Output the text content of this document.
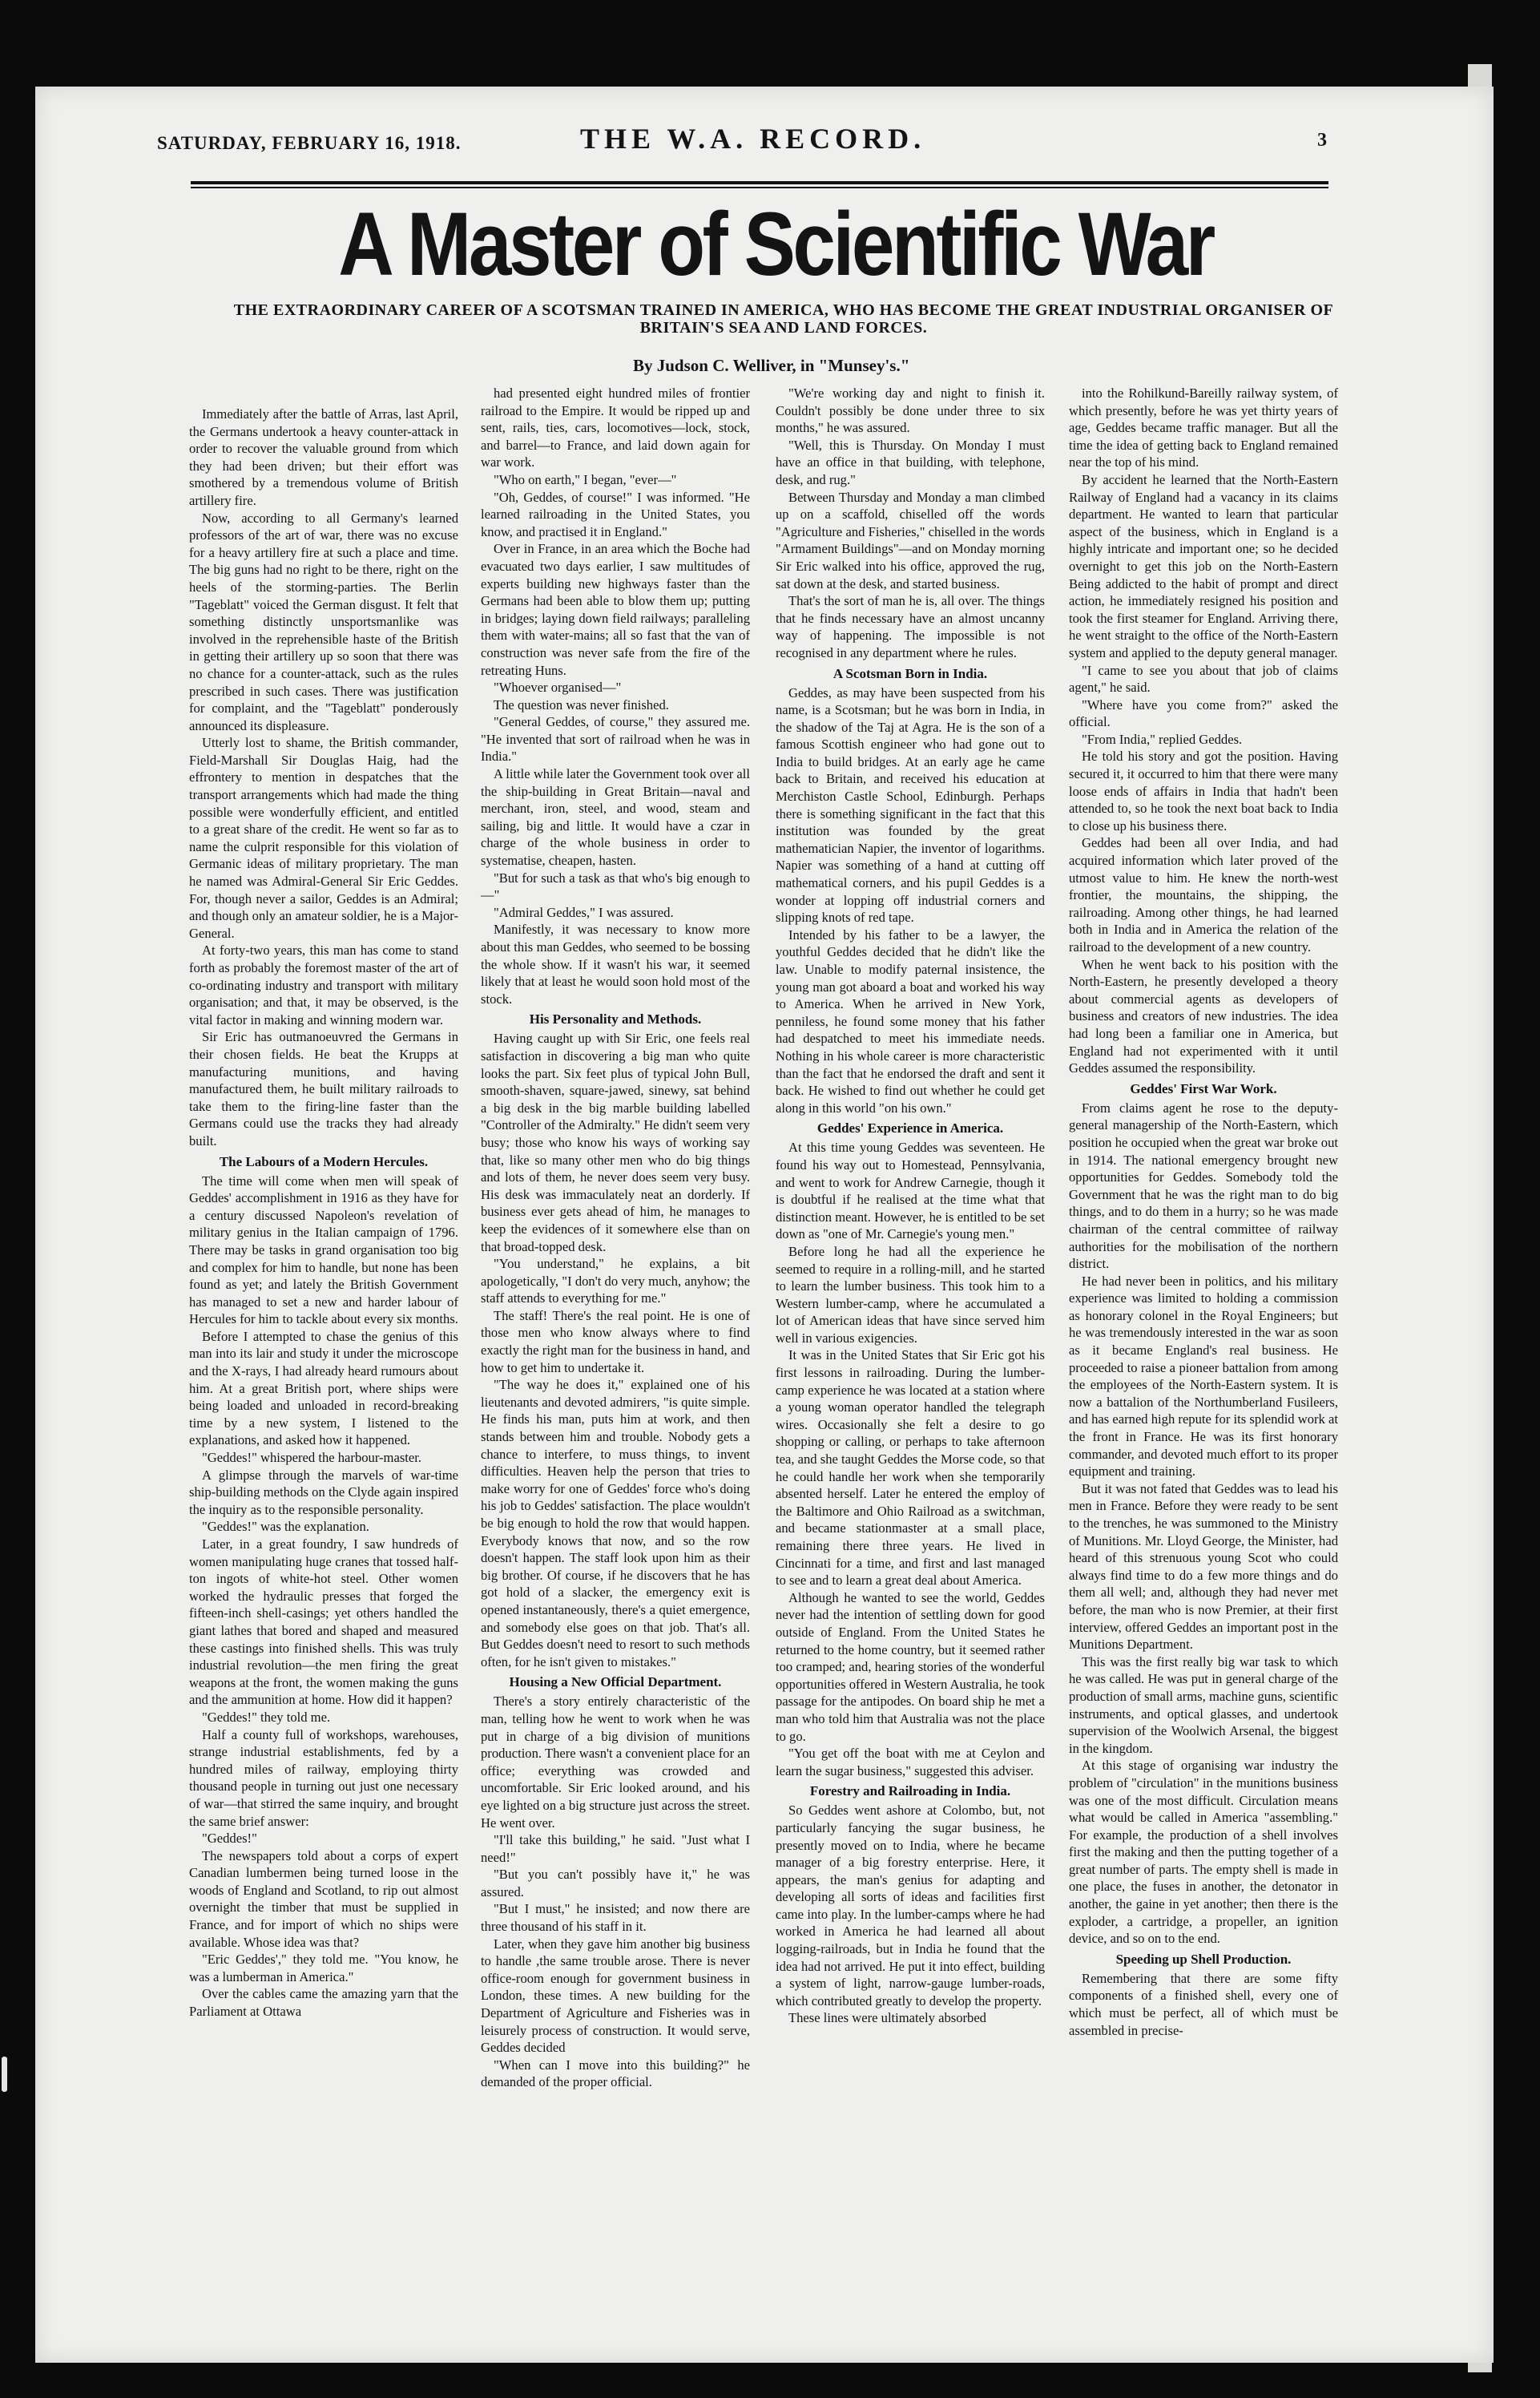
SATURDAY, FEBRUARY 16, 1918.	THE W.A. RECORD.	3
A Master of Scientific War
THE EXTRAORDINARY CAREER OF A SCOTSMAN TRAINED IN AMERICA, WHO HAS BECOME THE GREAT INDUSTRIAL ORGANISER OF BRITAIN'S SEA AND LAND FORCES.
By Judson C. Welliver, in "Munsey's."

Immediately after the battle of Arras, last April, the Germans undertook a heavy counter-attack in order to recover the valuable ground from which they had been driven; but their effort was smothered by a tremendous volume of British artillery fire.

Now, according to all Germany's learned professors of the art of war, there was no excuse for a heavy artillery fire at such a place and time. The big guns had no right to be there, right on the heels of the storming-parties. The Berlin "Tageblatt" voiced the German disgust. It felt that something distinctly unsportsmanlike was involved in the reprehensible haste of the British in getting their artillery up so soon that there was no chance for a counter-attack, such as the rules prescribed in such cases. There was justification for complaint, and the "Tageblatt" ponderously announced its displeasure.

Utterly lost to shame, the British commander, Field-Marshall Sir Douglas Haig, had the effrontery to mention in despatches that the transport arrangements which had made the thing possible were wonderfully efficient, and entitled to a great share of the credit. He went so far as to name the culprit responsible for this violation of Germanic ideas of military proprietary. The man he named was Admiral-General Sir Eric Geddes. For, though never a sailor, Geddes is an Admiral; and though only an amateur soldier, he is a Major-General.

At forty-two years, this man has come to stand forth as probably the foremost master of the art of co-ordinating industry and transport with military organisation; and that, it may be observed, is the vital factor in making and winning modern war.

Sir Eric has outmanoeuvred the Germans in their chosen fields. He beat the Krupps at manufacturing munitions, and having manufactured them, he built military railroads to take them to the firing-line faster than the Germans could use the tracks they had already built.

The Labours of a Modern Hercules.

The time will come when men will speak of Geddes' accomplishment in 1916 as they have for a century discussed Napoleon's revelation of military genius in the Italian campaign of 1796. There may be tasks in grand organisation too big and complex for him to handle, but none has been found as yet; and lately the British Government has managed to set a new and harder labour of Hercules for him to tackle about every six months.

Before I attempted to chase the genius of this man into its lair and study it under the microscope and the X-rays, I had already heard rumours about him. At a great British port, where ships were being loaded and unloaded in record-breaking time by a new system, I listened to the explanations, and asked how it happened.

"Geddes!" whispered the harbour-master.

A glimpse through the marvels of war-time ship-building methods on the Clyde again inspired the inquiry as to the responsible personality.

"Geddes!" was the explanation.

Later, in a great foundry, I saw hundreds of women manipulating huge cranes that tossed half-ton ingots of white-hot steel. Other women worked the hydraulic presses that forged the fifteen-inch shell-casings; yet others handled the giant lathes that bored and shaped and measured these castings into finished shells. This was truly industrial revolution—the men firing the great weapons at the front, the women making the guns and the ammunition at home. How did it happen?

"Geddes!" they told me.

Half a county full of workshops, warehouses, strange industrial establishments, fed by a hundred miles of railway, employing thirty thousand people in turning out just one necessary of war—that stirred the same inquiry, and brought the same brief answer:

"Geddes!"

The newspapers told about a corps of expert Canadian lumbermen being turned loose in the woods of England and Scotland, to rip out almost overnight the timber that must be supplied in France, and for import of which no ships were available. Whose idea was that?

"Eric Geddes'," they told me. "You know, he was a lumberman in America."

Over the cables came the amazing yarn that the Parliament at Ottawa

had presented eight hundred miles of frontier railroad to the Empire. It would be ripped up and sent, rails, ties, cars, locomotives—lock, stock, and barrel—to France, and laid down again for war work.

"Who on earth," I began, "ever—"

"Oh, Geddes, of course!" I was informed. "He learned railroading in the United States, you know, and practised it in England."

Over in France, in an area which the Boche had evacuated two days earlier, I saw multitudes of experts building new highways faster than the Germans had been able to blow them up; putting in bridges; laying down field railways; paralleling them with water-mains; all so fast that the van of construction was never safe from the fire of the retreating Huns.

"Whoever organised—"

The question was never finished.

"General Geddes, of course," they assured me. "He invented that sort of railroad when he was in India."

A little while later the Government took over all the ship-building in Great Britain—naval and merchant, iron, steel, and wood, steam and sailing, big and little. It would have a czar in charge of the whole business in order to systematise, cheapen, hasten.

"But for such a task as that who's big enough to—"

"Admiral Geddes," I was assured.

Manifestly, it was necessary to know more about this man Geddes, who seemed to be bossing the whole show. If it wasn't his war, it seemed likely that at least he would soon hold most of the stock.

His Personality and Methods.

Having caught up with Sir Eric, one feels real satisfaction in discovering a big man who quite looks the part. Six feet plus of typical John Bull, smooth-shaven, square-jawed, sinewy, sat behind a big desk in the big marble building labelled "Controller of the Admiralty." He didn't seem very busy; those who know his ways of working say that, like so many other men who do big things and lots of them, he never does seem very busy. His desk was immaculately neat an dorderly. If business ever gets ahead of him, he manages to keep the evidences of it somewhere else than on that broad-topped desk.

"You understand," he explains, a bit apologetically, "I don't do very much, anyhow; the staff attends to everything for me."

The staff! There's the real point. He is one of those men who know always where to find exactly the right man for the business in hand, and how to get him to undertake it.

"The way he does it," explained one of his lieutenants and devoted admirers, "is quite simple. He finds his man, puts him at work, and then stands between him and trouble. Nobody gets a chance to interfere, to muss things, to invent difficulties. Heaven help the person that tries to make worry for one of Geddes' force who's doing his job to Geddes' satisfaction. The place wouldn't be big enough to hold the row that would happen. Everybody knows that now, and so the row doesn't happen. The staff look upon him as their big brother. Of course, if he discovers that he has got hold of a slacker, the emergency exit is opened instantaneously, there's a quiet emergence, and somebody else goes on that job. That's all. But Geddes doesn't need to resort to such methods often, for he isn't given to mistakes."

Housing a New Official Department.

There's a story entirely characteristic of the man, telling how he went to work when he was put in charge of a big division of munitions production. There wasn't a convenient place for an office; everything was crowded and uncomfortable. Sir Eric looked around, and his eye lighted on a big structure just across the street. He went over.

"I'll take this building," he said. "Just what I need!"

"But you can't possibly have it," he was assured.

"But I must," he insisted; and now there are three thousand of his staff in it.

Later, when they gave him another big business to handle ,the same trouble arose. There is never office-room enough for government business in London, these times. A new building for the Department of Agriculture and Fisheries was in leisurely process of construction. It would serve, Geddes decided

"When can I move into this building?" he demanded of the proper official.

"We're working day and night to finish it. Couldn't possibly be done under three to six months," he was assured.

"Well, this is Thursday. On Monday I must have an office in that building, with telephone, desk, and rug."

Between Thursday and Monday a man climbed up on a scaffold, chiselled off the words "Agriculture and Fisheries," chiselled in the words "Armament Buildings"—and on Monday morning Sir Eric walked into his office, approved the rug, sat down at the desk, and started business.

That's the sort of man he is, all over. The things that he finds necessary have an almost uncanny way of happening. The impossible is not recognised in any department where he rules.

A Scotsman Born in India.

Geddes, as may have been suspected from his name, is a Scotsman; but he was born in India, in the shadow of the Taj at Agra. He is the son of a famous Scottish engineer who had gone out to India to build bridges. At an early age he came back to Britain, and received his education at Merchiston Castle School, Edinburgh. Perhaps there is something significant in the fact that this institution was founded by the great mathematician Napier, the inventor of logarithms. Napier was something of a hand at cutting off mathematical corners, and his pupil Geddes is a wonder at lopping off industrial corners and slipping knots of red tape.

Intended by his father to be a lawyer, the youthful Geddes decided that he didn't like the law. Unable to modify paternal insistence, the young man got aboard a boat and worked his way to America. When he arrived in New York, penniless, he found some money that his father had despatched to meet his immediate needs. Nothing in his whole career is more characteristic than the fact that he endorsed the draft and sent it back. He wished to find out whether he could get along in this world "on his own."

Geddes' Experience in America.

At this time young Geddes was seventeen. He found his way out to Homestead, Pennsylvania, and went to work for Andrew Carnegie, though it is doubtful if he realised at the time what that distinction meant. However, he is entitled to be set down as "one of Mr. Carnegie's young men."

Before long he had all the experience he seemed to require in a rolling-mill, and he started to learn the lumber business. This took him to a Western lumber-camp, where he accumulated a lot of American ideas that have since served him well in various exigencies.

It was in the United States that Sir Eric got his first lessons in railroading. During the lumber-camp experience he was located at a station where a young woman operator handled the telegraph wires. Occasionally she felt a desire to go shopping or calling, or perhaps to take afternoon tea, and she taught Geddes the Morse code, so that he could handle her work when she temporarily absented herself. Later he entered the employ of the Baltimore and Ohio Railroad as a switchman, and became stationmaster at a small place, remaining there three years. He lived in Cincinnati for a time, and first and last managed to see and to learn a great deal about America.

Although he wanted to see the world, Geddes never had the intention of settling down for good outside of England. From the United States he returned to the home country, but it seemed rather too cramped; and, hearing stories of the wonderful opportunities offered in Western Australia, he took passage for the antipodes. On board ship he met a man who told him that Australia was not the place to go.

"You get off the boat with me at Ceylon and learn the sugar business," suggested this adviser.

Forestry and Railroading in India.

So Geddes went ashore at Colombo, but, not particularly fancying the sugar business, he presently moved on to India, where he became manager of a big forestry enterprise. Here, it appears, the man's genius for adapting and developing all sorts of ideas and facilities first came into play. In the lumber-camps where he had worked in America he had learned all about logging-railroads, but in India he found that the idea had not arrived. He put it into effect, building a system of light, narrow-gauge lumber-roads, which contributed greatly to develop the property.

These lines were ultimately absorbed

into the Rohilkund-Bareilly railway system, of which presently, before he was yet thirty years of age, Geddes became traffic manager. But all the time the idea of getting back to England remained near the top of his mind.

By accident he learned that the North-Eastern Railway of England had a vacancy in its claims department. He wanted to learn that particular aspect of the business, which in England is a highly intricate and important one; so he decided overnight to get this job on the North-Eastern Being addicted to the habit of prompt and direct action, he immediately resigned his position and took the first steamer for England. Arriving there, he went straight to the office of the North-Eastern system and applied to the deputy general manager.

"I came to see you about that job of claims agent," he said.

"Where have you come from?" asked the official.

"From India," replied Geddes.

He told his story and got the position. Having secured it, it occurred to him that there were many loose ends of affairs in India that hadn't been attended to, so he took the next boat back to India to close up his business there.

Geddes had been all over India, and had acquired information which later proved of the utmost value to him. He knew the north-west frontier, the mountains, the shipping, the railroading. Among other things, he had learned both in India and in America the relation of the railroad to the development of a new country.

When he went back to his position with the North-Eastern, he presently developed a theory about commercial agents as developers of business and creators of new industries. The idea had long been a familiar one in America, but England had not experimented with it until Geddes assumed the responsibility.

Geddes' First War Work.

From claims agent he rose to the deputy-general managership of the North-Eastern, which position he occupied when the great war broke out in 1914. The national emergency brought new opportunities for Geddes. Somebody told the Government that he was the right man to do big things, and to do them in a hurry; so he was made chairman of the central committee of railway authorities for the mobilisation of the northern district.

He had never been in politics, and his military experience was limited to holding a commission as honorary colonel in the Royal Engineers; but he was tremendously interested in the war as soon as it became England's real business. He proceeded to raise a pioneer battalion from among the employees of the North-Eastern system. It is now a battalion of the Northumberland Fusileers, and has earned high repute for its splendid work at the front in France. He was its first honorary commander, and devoted much effort to its proper equipment and training.

But it was not fated that Geddes was to lead his men in France. Before they were ready to be sent to the trenches, he was summoned to the Ministry of Munitions. Mr. Lloyd George, the Minister, had heard of this strenuous young Scot who could always find time to do a few more things and do them all well; and, although they had never met before, the man who is now Premier, at their first interview, offered Geddes an important post in the Munitions Department.

This was the first really big war task to which he was called. He was put in general charge of the production of small arms, machine guns, scientific instruments, and optical glasses, and undertook supervision of the Woolwich Arsenal, the biggest in the kingdom.

At this stage of organising war industry the problem of "circulation" in the munitions business was one of the most difficult. Circulation means what would be called in America "assembling." For example, the production of a shell involves first the making and then the putting together of a great number of parts. The empty shell is made in one place, the fuses in another, the detonator in another, the gaine in yet another; then there is the exploder, a cartridge, a propeller, an ignition device, and so on to the end.

Speeding up Shell Production.

Remembering that there are some fifty components of a finished shell, every one of which must be perfect, all of which must be assembled in precise-
